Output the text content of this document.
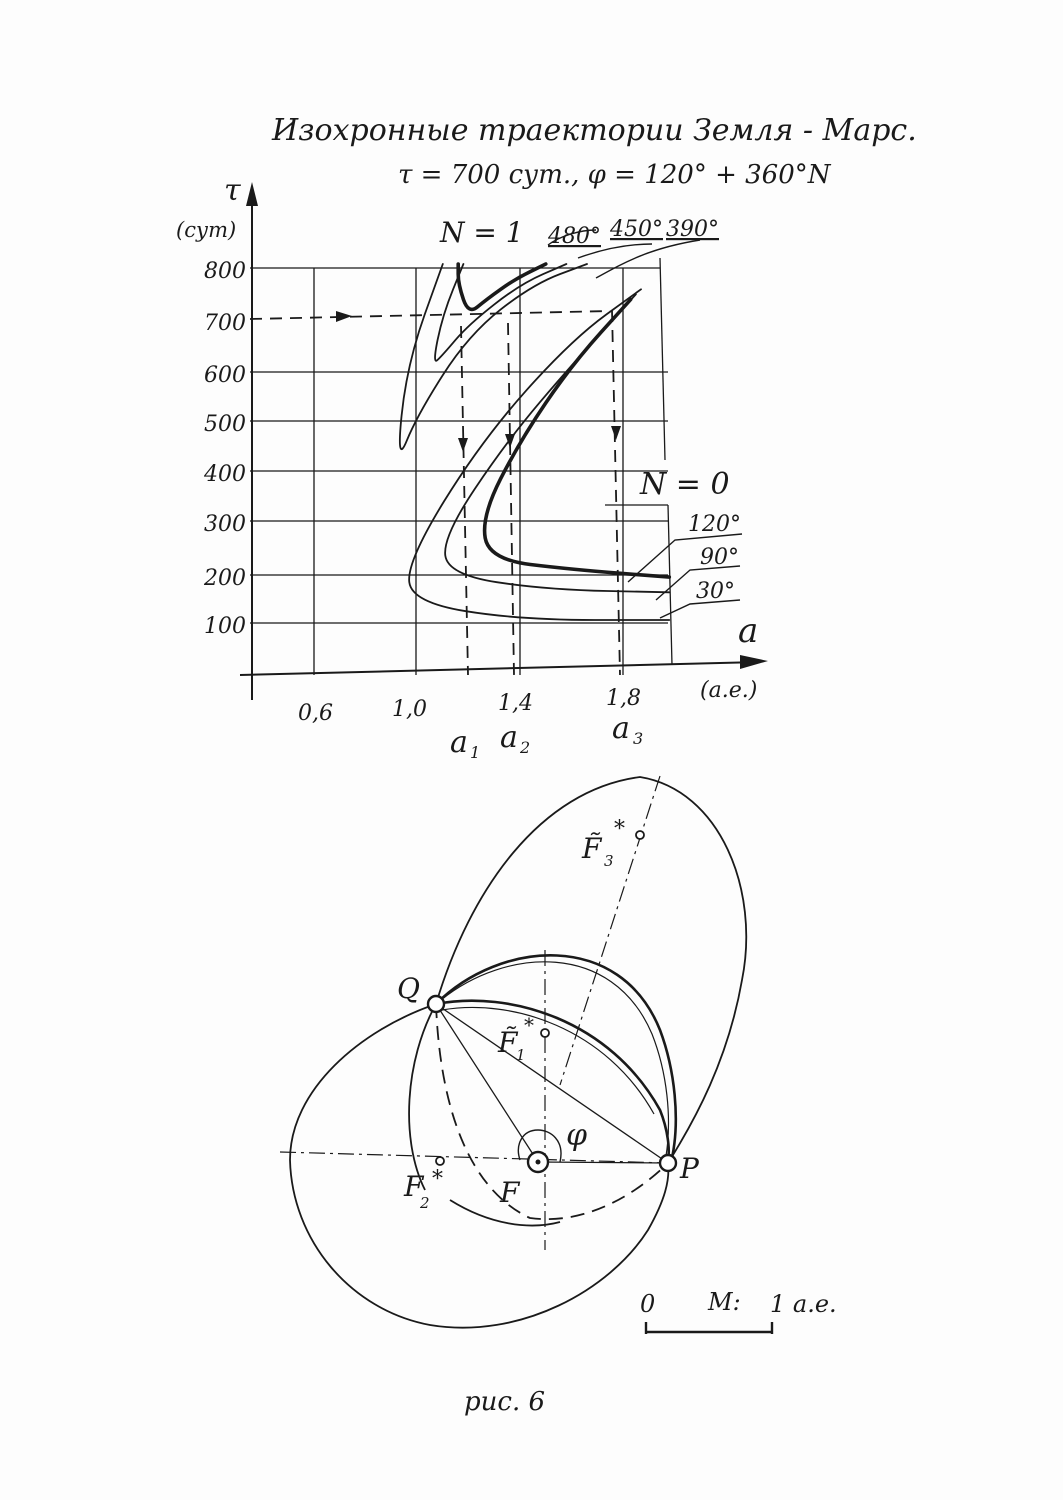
Изохронные траектории Земля - Марс.
τ = 700 сут., φ = 120° + 360°N
τ
(сут)
800
700
600
500
400
300
200
100	a
(а.е.)
0,6	1,0	1,4	1,8
N = 1 480° 450° 390°
N = 0
120°
90°
30°
a 1 a 2
a 3
Q
P
F
F̃ 3
*
F̃
1
*
F
2
*
φ
0 M: 1 а.е.
рис. 6
